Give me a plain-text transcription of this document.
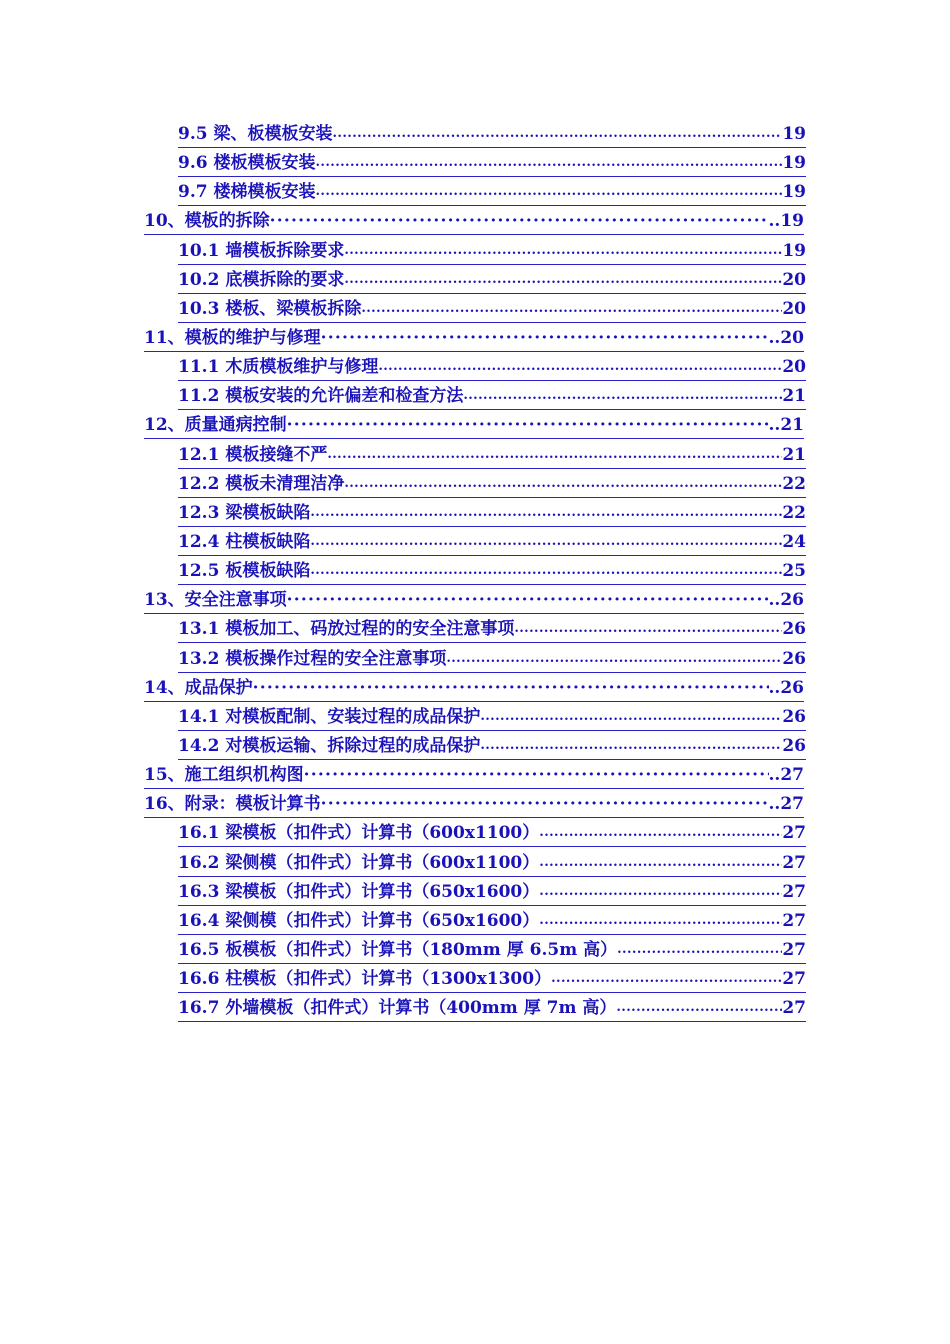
9.5 梁、板模板安装 .....	19
9.6 楼板模板安装 .....	19
9.7 楼梯模板安装 .....	19
10、模板的拆除 ·····	..19
10.1 墙模板拆除要求 .....	19
10.2 底模拆除的要求 .....	20
10.3 楼板、梁模板拆除 .....	20
11、模板的维护与修理 ·····	..20
11.1 木质模板维护与修理 .....	20
11.2 模板安装的允许偏差和检查方法 .....	21
12、质量通病控制 ·····	..21
12.1 模板接缝不严 .....	21
12.2 模板未清理洁净 .....	22
12.3 梁模板缺陷 .....	22
12.4 柱模板缺陷 .....	24
12.5 板模板缺陷 .....	25
13、安全注意事项 ·····	..26
13.1 模板加工、码放过程的的安全注意事项 .....	26
13.2 模板操作过程的安全注意事项 .....	26
14、成品保护 ·····	..26
14.1 对模板配制、安装过程的成品保护 .....	26
14.2 对模板运输、拆除过程的成品保护 .....	26
15、施工组织机构图 ·····	..27
16、附录：模板计算书 ·····	..27
16.1 梁模板（扣件式）计算书（600x1100） .....	27
16.2 梁侧模（扣件式）计算书（600x1100） .....	27
16.3 梁模板（扣件式）计算书（650x1600） .....	27
16.4 梁侧模（扣件式）计算书（650x1600） .....	27
16.5 板模板（扣件式）计算书（180mm 厚 6.5m 高） .....	27
16.6 柱模板（扣件式）计算书（1300x1300） .....	27
16.7 外墙模板（扣件式）计算书（400mm 厚 7m 高） .....	27
